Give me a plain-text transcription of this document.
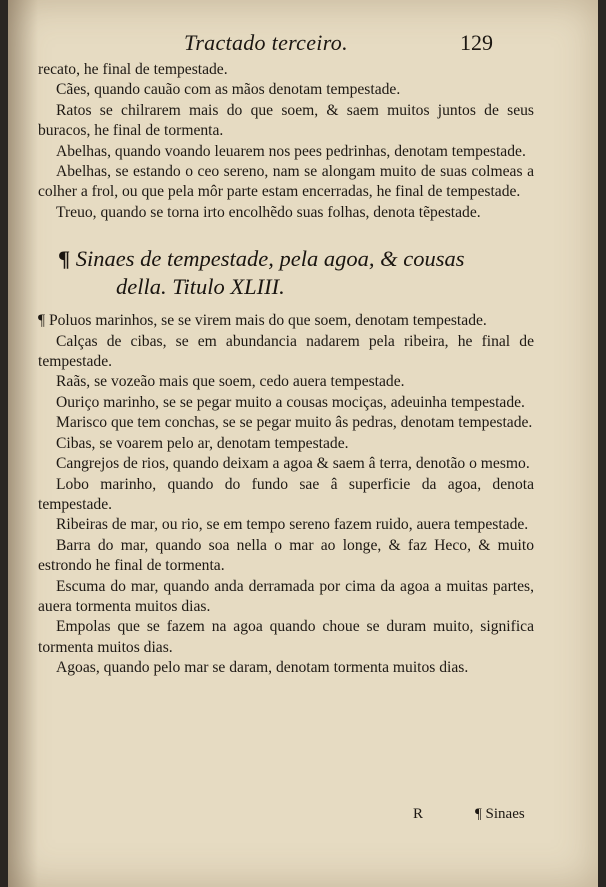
Tractado terceiro.	129

recato, he final de tempestade.

Cães, quando cauão com as mãos denotam tempestade.

Ratos se chilrarem mais do que soem, & saem muitos juntos de seus buracos, he final de tormenta.

Abelhas, quando voando leuarem nos pees pedrinhas, denotam tempestade.

Abelhas, se estando o ceo sereno, nam se alongam muito de suas colmeas a colher a frol, ou que pela môr parte estam encerradas, he final de tempestade.

Treuo, quando se torna irto encolhẽdo suas folhas, denota tẽpestade.

¶ Sinaes de tempestade, pela agoa, & cousas
della. Titulo XLIII.

¶ Poluos marinhos, se se virem mais do que soem, denotam tempestade.

Calças de cibas, se em abundancia nadarem pela ribeira, he final de tempestade.

Raãs, se vozeão mais que soem, cedo auera tempestade.

Ouriço marinho, se se pegar muito a cousas mociças, adeuinha tempestade.

Marisco que tem conchas, se se pegar muito âs pedras, denotam tempestade.

Cibas, se voarem pelo ar, denotam tempestade.

Cangrejos de rios, quando deixam a agoa & saem â terra, denotão o mesmo.

Lobo marinho, quando do fundo sae â superficie da agoa, denota tempestade.

Ribeiras de mar, ou rio, se em tempo sereno fazem ruido, auera tempestade.

Barra do mar, quando soa nella o mar ao longe, & faz Heco, & muito estrondo he final de tormenta.

Escuma do mar, quando anda derramada por cima da agoa a muitas partes, auera tormenta muitos dias.

Empolas que se fazem na agoa quando choue se duram muito, significa tormenta muitos dias.

Agoas, quando pelo mar se daram, denotam tormenta muitos dias.

R	¶ Sinaes
